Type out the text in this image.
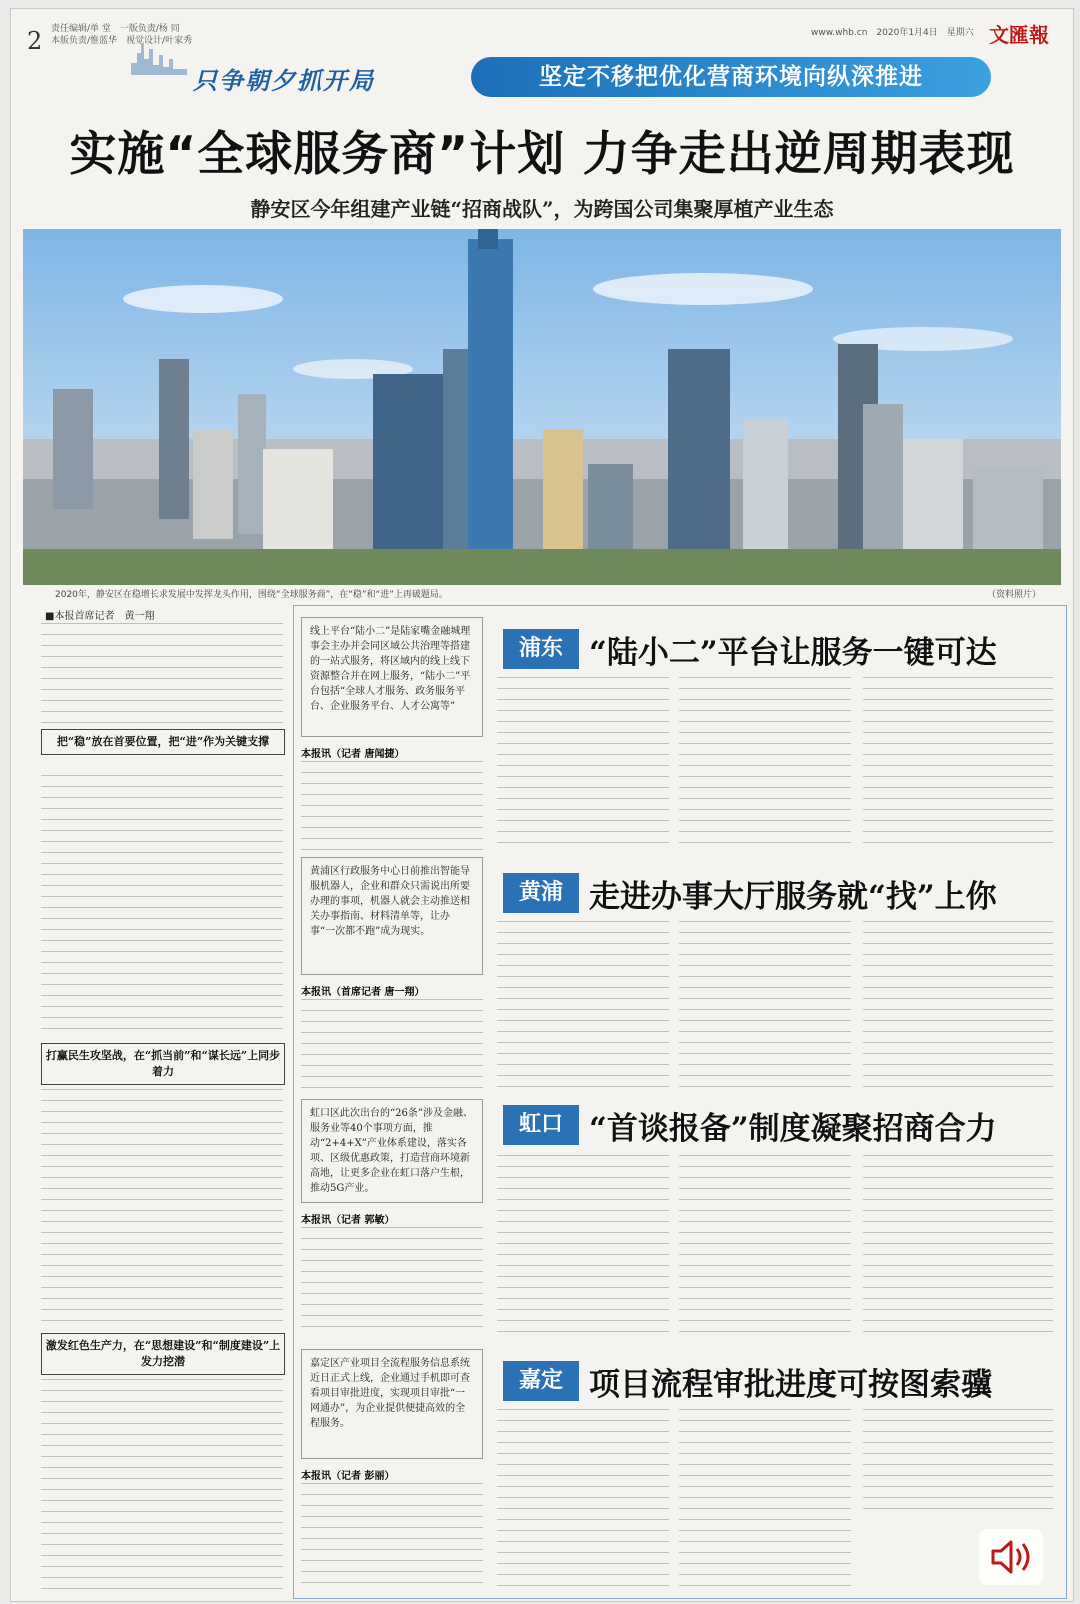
2 责任编辑/单 堂　一版负责/杨 同
本版负责/惟蓝华　视觉设计/叶家秀
只争朝夕抓开局	坚定不移把优化营商环境向纵深推进
www.whb.cn　2020年1月4日　星期六 文匯報
实施“全球服务商”计划 力争走出逆周期表现
静安区今年组建产业链“招商战队”，为跨国公司集聚厚植产业生态
2020年，静安区在稳增长求发展中发挥龙头作用，围绕“全球服务商”，在“稳”和“进”上再破题局。	（资料照片）
■本报首席记者　黄一翔
把“稳”放在首要位置，把“进”作为关键支撑
打赢民生攻坚战，在“抓当前”和“谋长远”上同步着力
激发红色生产力，在“思想建设”和“制度建设”上发力挖潜
浦东 “陆小二”平台让服务一键可达
线上平台“陆小二”是陆家嘴金融城理事会主办并会同区域公共治理等搭建的一站式服务，将区域内的线上线下资源整合并在网上服务，“陆小二”平台包括“全球人才服务、政务服务平台、企业服务平台、人才公寓等”
本报讯（记者 唐闻捷）
黄浦区行政服务中心日前推出智能导服机器人，企业和群众只需说出所要办理的事项，机器人就会主动推送相关办事指南、材料清单等，让办事“一次都不跑”成为现实。
黄浦 走进办事大厅服务就“找”上你
本报讯（首席记者 唐一翔）
虹口区此次出台的“26条”涉及金融、服务业等40个事项方面，推动“2+4+X”产业体系建设，落实各项、区级优惠政策，打造营商环境新高地，让更多企业在虹口落户生根，推动5G产业。
虹口 “首谈报备”制度凝聚招商合力
本报讯（记者 郭敏）
嘉定区产业项目全流程服务信息系统近日正式上线，企业通过手机即可查看项目审批进度，实现项目审批“一网通办”，为企业提供便捷高效的全程服务。
嘉定 项目流程审批进度可按图索骥
本报讯（记者 彭丽）
